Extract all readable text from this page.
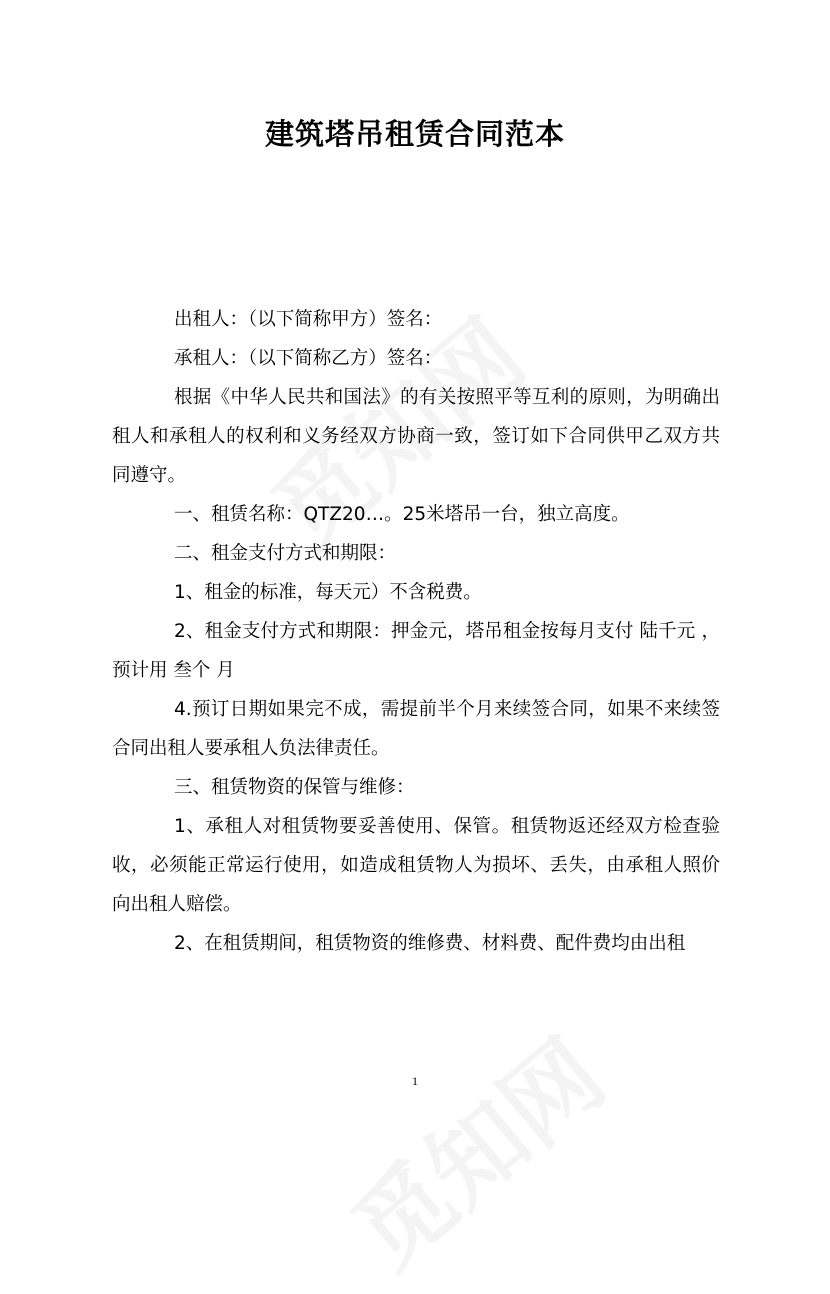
建筑塔吊租赁合同范本

出租人：（以下简称甲方）签名：

承租人：（以下简称乙方）签名：

根据《中华人民共和国法》的有关按照平等互利的原则，为明确出租人和承租人的权利和义务经双方协商一致，签订如下合同供甲乙双方共同遵守。

一、租赁名称：QTZ20…。25米塔吊一台，独立高度。

二、租金支付方式和期限：

1、租金的标准，每天元）不含税费。

2、租金支付方式和期限：押金元，塔吊租金按每月支付 陆千元 ，预计用 叁个 月

4.预订日期如果完不成，需提前半个月来续签合同，如果不来续签合同出租人要承租人负法律责任。

三、租赁物资的保管与维修：

1、承租人对租赁物要妥善使用、保管。租赁物返还经双方检查验收，必须能正常运行使用，如造成租赁物人为损坏、丢失，由承租人照价向出租人赔偿。

2、在租赁期间，租赁物资的维修费、材料费、配件费均由出租

1
